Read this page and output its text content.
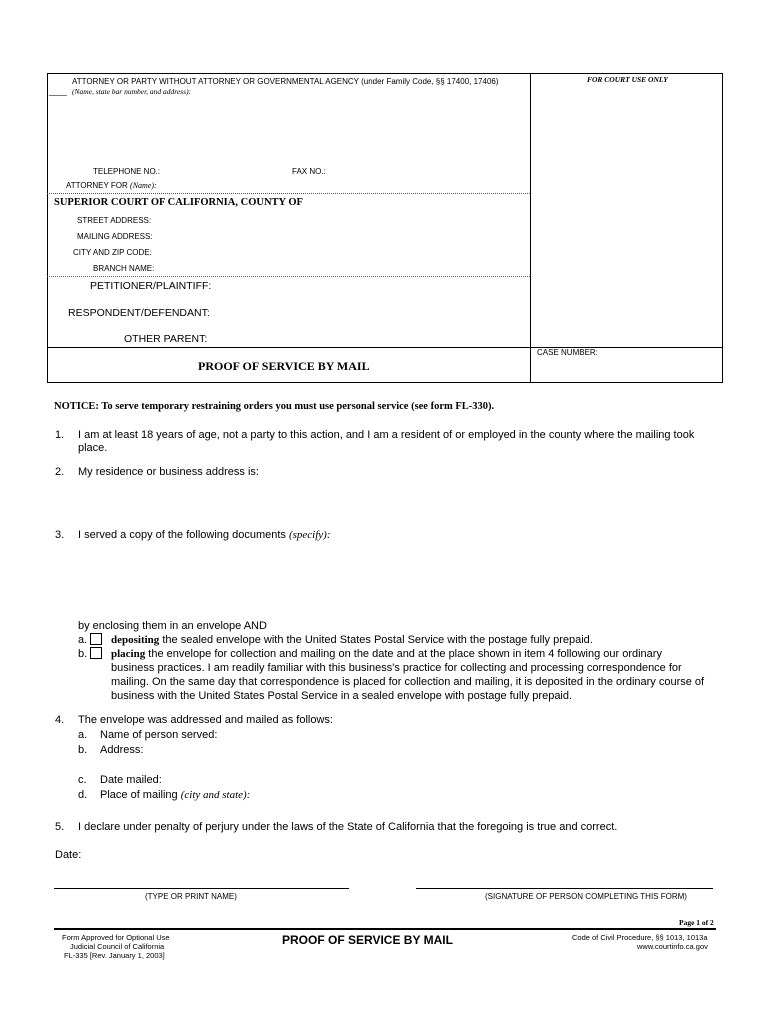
ATTORNEY OR PARTY WITHOUT ATTORNEY OR GOVERNMENTAL AGENCY (under Family Code, §§ 17400, 17406)
____ (Name, state bar number, and address):
FOR COURT USE ONLY
TELEPHONE NO.:	FAX NO.:
ATTORNEY FOR (Name):
SUPERIOR COURT OF CALIFORNIA, COUNTY OF
STREET ADDRESS:
MAILING ADDRESS:
CITY AND ZIP CODE:
BRANCH NAME:
PETITIONER/PLAINTIFF:
RESPONDENT/DEFENDANT:
OTHER PARENT:
PROOF OF SERVICE BY MAIL
CASE NUMBER:
NOTICE: To serve temporary restraining orders you must use personal service (see form FL-330).
1. I am at least 18 years of age, not a party to this action, and I am a resident of or employed in the county where the mailing took
place.
2. My residence or business address is:
3. I served a copy of the following documents (specify):
by enclosing them in an envelope AND
a. depositing the sealed envelope with the United States Postal Service with the postage fully prepaid.
b. placing the envelope for collection and mailing on the date and at the place shown in item 4 following our ordinary
business practices. I am readily familiar with this business's practice for collecting and processing correspondence for
mailing. On the same day that correspondence is placed for collection and mailing, it is deposited in the ordinary course of
business with the United States Postal Service in a sealed envelope with postage fully prepaid.
4. The envelope was addressed and mailed as follows:
a. Name of person served:
b. Address:
c. Date mailed:
d. Place of mailing (city and state):
5. I declare under penalty of perjury under the laws of the State of California that the foregoing is true and correct.
Date:
(TYPE OR PRINT NAME)	(SIGNATURE OF PERSON COMPLETING THIS FORM)
Page 1 of 2
Form Approved for Optional Use
Judicial Council of California
FL-335 [Rev. January 1, 2003]
PROOF OF SERVICE BY MAIL	Code of Civil Procedure, §§ 1013, 1013a
www.courtinfo.ca.gov
